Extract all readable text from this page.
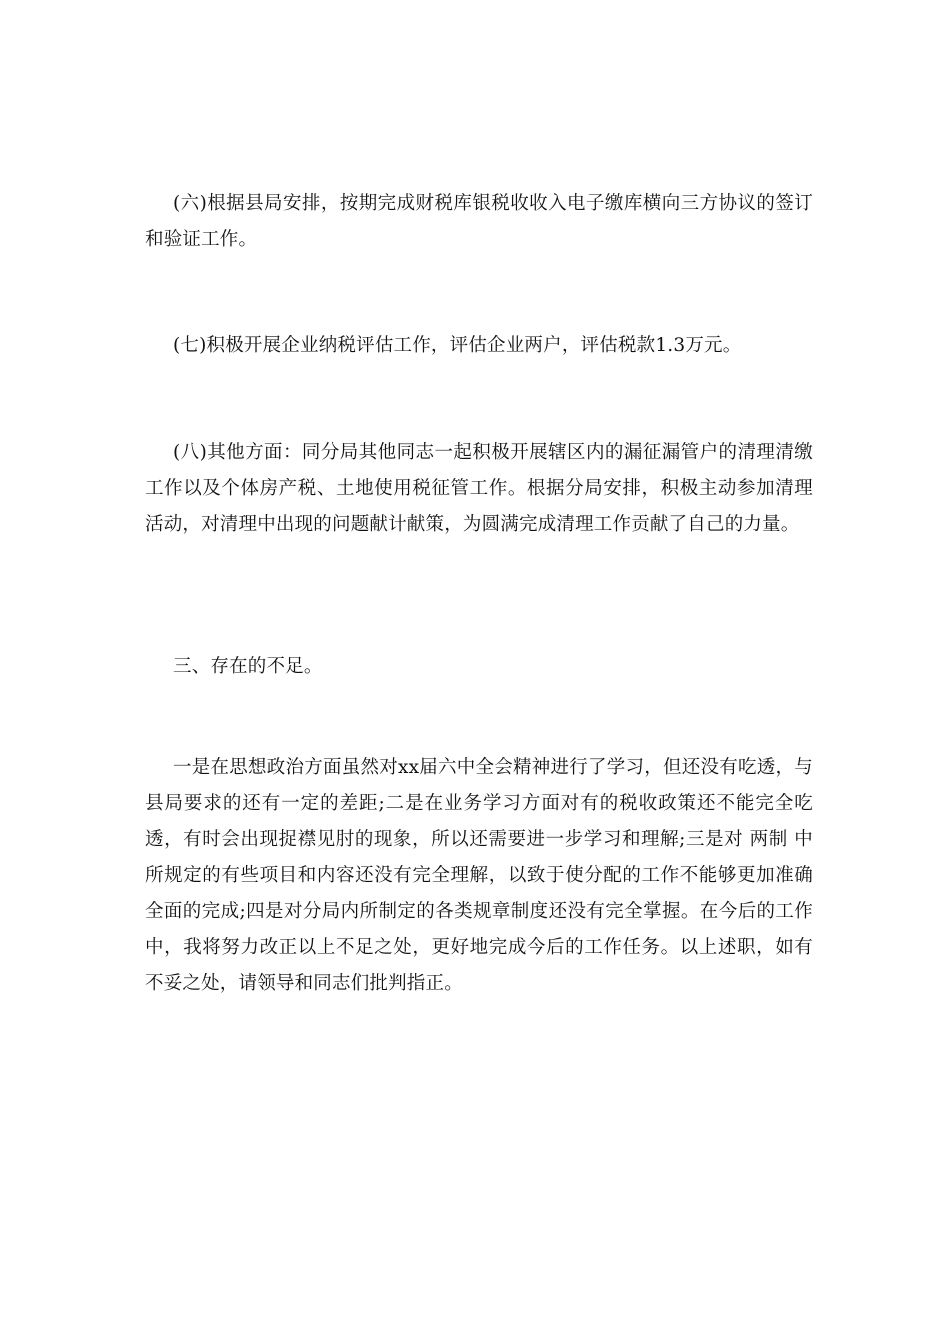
(六)根据县局安排，按期完成财税库银税收收入电子缴库横向三方协议的签订和验证工作。

(七)积极开展企业纳税评估工作，评估企业两户，评估税款1.3万元。

(八)其他方面：同分局其他同志一起积极开展辖区内的漏征漏管户的清理清缴工作以及个体房产税、土地使用税征管工作。根据分局安排，积极主动参加清理活动，对清理中出现的问题献计献策，为圆满完成清理工作贡献了自己的力量。

三、存在的不足。

一是在思想政治方面虽然对xx届六中全会精神进行了学习，但还没有吃透，与县局要求的还有一定的差距;二是在业务学习方面对有的税收政策还不能完全吃透，有时会出现捉襟见肘的现象，所以还需要进一步学习和理解;三是对 两制 中所规定的有些项目和内容还没有完全理解，以致于使分配的工作不能够更加准确全面的完成;四是对分局内所制定的各类规章制度还没有完全掌握。在今后的工作中，我将努力改正以上不足之处，更好地完成今后的工作任务。以上述职，如有不妥之处，请领导和同志们批判指正。
